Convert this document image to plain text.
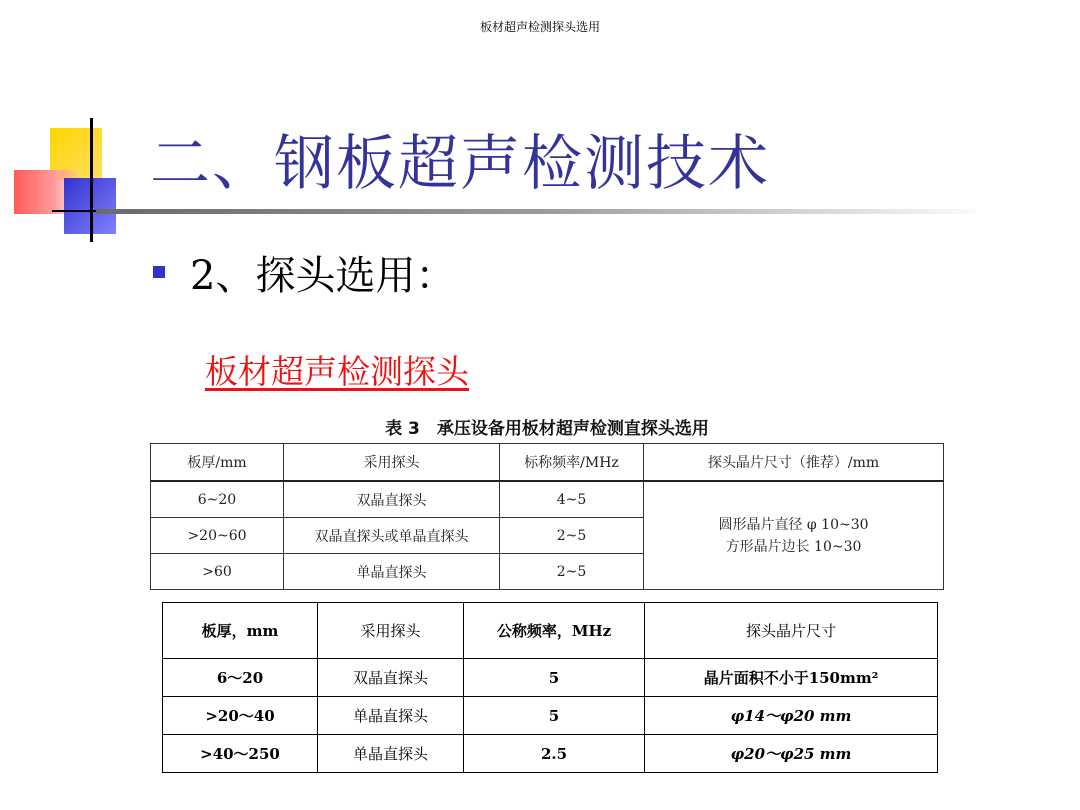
板材超声检测探头选用
二、钢板超声检测技术
2、探头选用：
板材超声检测探头
表 3　承压设备用板材超声检测直探头选用
板厚/mm	采用探头	标称频率/MHz	探头晶片尺寸（推荐）/mm
6~20	双晶直探头	4~5	圆形晶片直径 φ 10~30
方形晶片边长 10~30

>20~60	双晶直探头或单晶直探头	2~5	
>60	单晶直探头	2~5	
板厚，mm	采用探头	公称频率，MHz	探头晶片尺寸
6～20	双晶直探头	5	晶片面积不小于150mm²
>20～40	单晶直探头	5	φ14～φ20 mm
>40～250	单晶直探头	2.5	φ20～φ25 mm
